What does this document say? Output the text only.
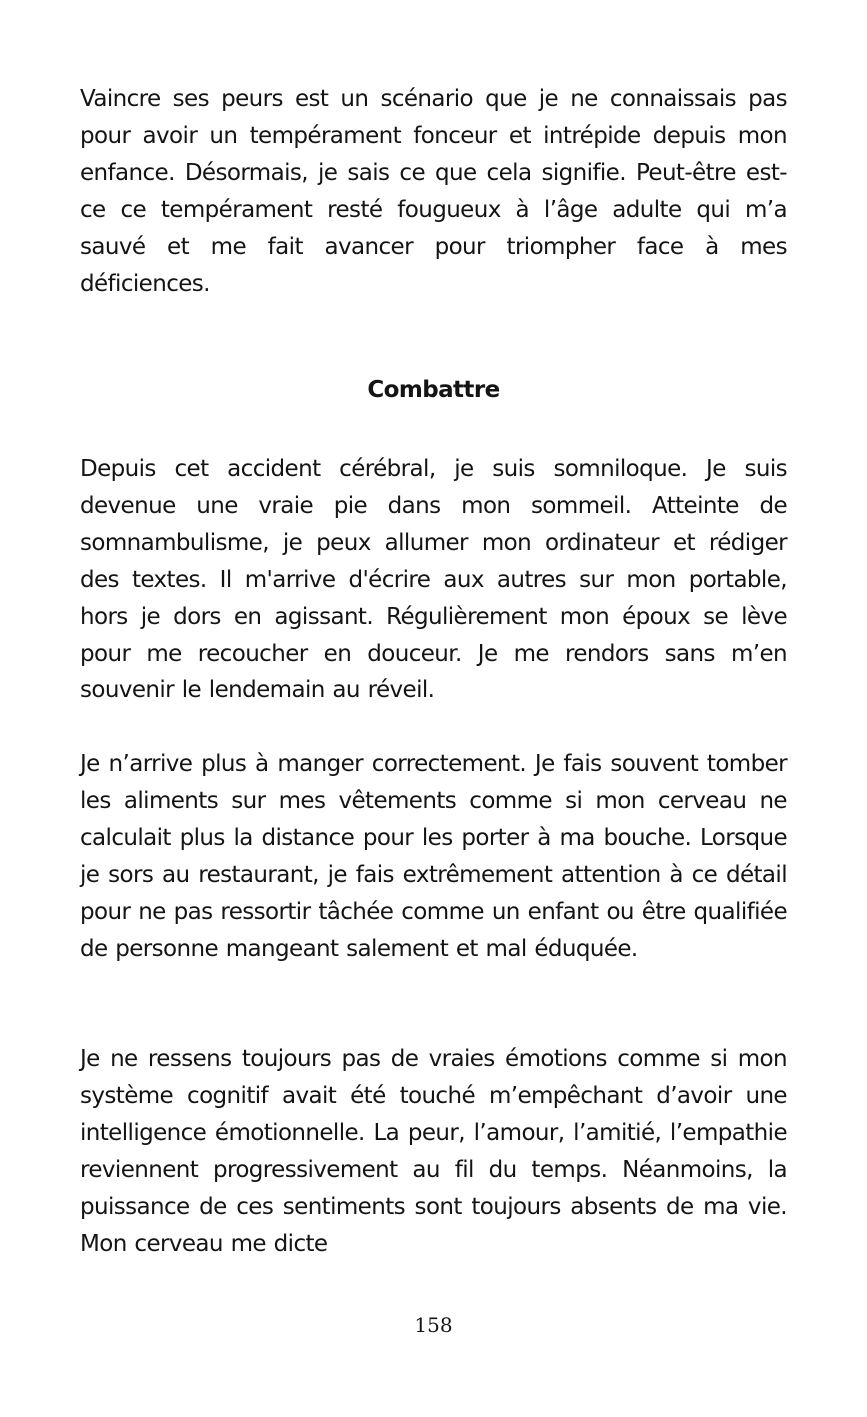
Vaincre ses peurs est un scénario que je ne connaissais pas pour avoir un tempérament fonceur et intrépide depuis mon enfance. Désormais, je sais ce que cela signifie. Peut-être est-ce ce tempérament resté fougueux à l’âge adulte qui m’a sauvé et me fait avancer pour triompher face à mes déficiences.

Combattre

Depuis cet accident cérébral, je suis somniloque. Je suis devenue une vraie pie dans mon sommeil. Atteinte de somnambulisme, je peux allumer mon ordinateur et rédiger des textes. Il m'arrive d'écrire aux autres sur mon portable, hors je dors en agissant. Régulièrement mon époux se lève pour me recoucher en douceur. Je me rendors sans m’en souvenir le lendemain au réveil.

Je n’arrive plus à manger correctement. Je fais souvent tomber les aliments sur mes vêtements comme si mon cerveau ne calculait plus la distance pour les porter à ma bouche. Lorsque je sors au restaurant, je fais extrêmement attention à ce détail pour ne pas ressortir tâchée comme un enfant ou être qualifiée de personne mangeant salement et mal éduquée.

Je ne ressens toujours pas de vraies émotions comme si mon système cognitif avait été touché m’empêchant d’avoir une intelligence émotionnelle. La peur, l’amour, l’amitié, l’empathie reviennent progressivement au fil du temps. Néanmoins, la puissance de ces sentiments sont toujours absents de ma vie. Mon cerveau me dicte

158
